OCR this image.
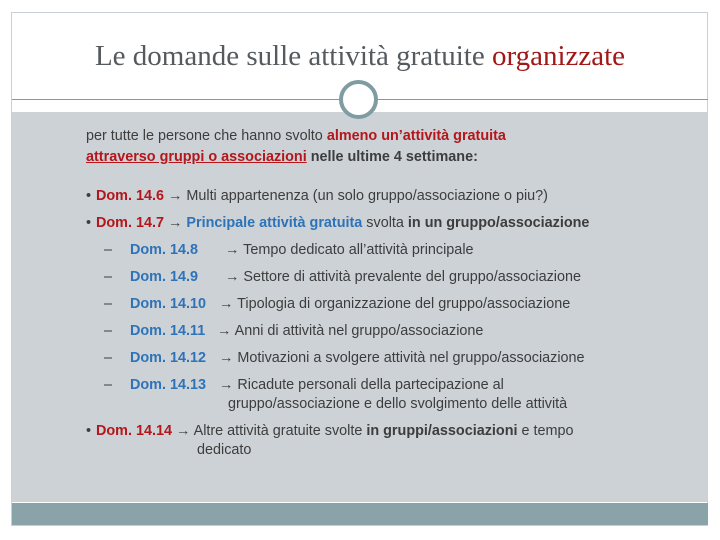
Le domande sulle attività gratuite organizzate
per tutte le persone che hanno svolto almeno un’attività gratuita
attraverso gruppi o associazioni nelle ultime 4 settimane:
• Dom. 14.6 → Multi appartenenza (un solo gruppo/associazione o piu?)
• Dom. 14.7 → Principale attività gratuita svolta in un gruppo/associazione
– Dom. 14.8 → Tempo dedicato all’attività principale
– Dom. 14.9 → Settore di attività prevalente del gruppo/associazione
– Dom. 14.10 → Tipologia di organizzazione del gruppo/associazione
– Dom. 14.11 → Anni di attività nel gruppo/associazione
– Dom. 14.12 → Motivazioni a svolgere attività nel gruppo/associazione
– Dom. 14.13 → Ricadute personali della partecipazione al
gruppo/associazione e dello svolgimento delle attività
• Dom. 14.14 → Altre attività gratuite svolte in gruppi/associazioni e tempo
dedicato
